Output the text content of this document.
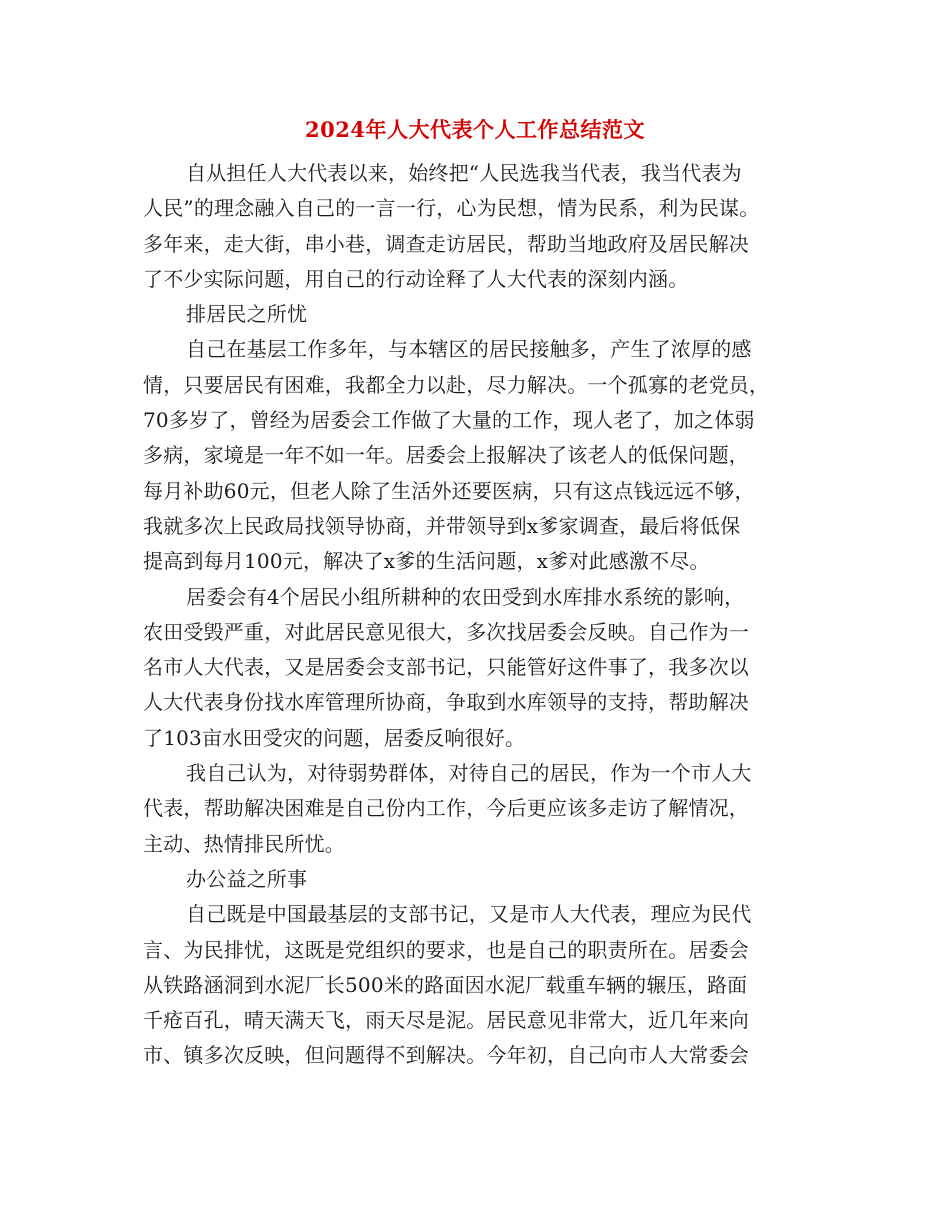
2024年人大代表个人工作总结范文
自从担任人大代表以来，始终把“人民选我当代表，我当代表为
人民”的理念融入自己的一言一行，心为民想，情为民系，利为民谋。
多年来，走大街，串小巷，调查走访居民，帮助当地政府及居民解决
了不少实际问题，用自己的行动诠释了人大代表的深刻内涵。
排居民之所忧
自己在基层工作多年，与本辖区的居民接触多，产生了浓厚的感
情，只要居民有困难，我都全力以赴，尽力解决。一个孤寡的老党员，
70多岁了，曾经为居委会工作做了大量的工作，现人老了，加之体弱
多病，家境是一年不如一年。居委会上报解决了该老人的低保问题，
每月补助60元，但老人除了生活外还要医病，只有这点钱远远不够，
我就多次上民政局找领导协商，并带领导到x爹家调查，最后将低保
提高到每月100元，解决了x爹的生活问题，x爹对此感激不尽。
居委会有4个居民小组所耕种的农田受到水库排水系统的影响，
农田受毁严重，对此居民意见很大，多次找居委会反映。自己作为一
名市人大代表，又是居委会支部书记，只能管好这件事了，我多次以
人大代表身份找水库管理所协商，争取到水库领导的支持，帮助解决
了103亩水田受灾的问题，居委反响很好。
我自己认为，对待弱势群体，对待自己的居民，作为一个市人大
代表，帮助解决困难是自己份内工作，今后更应该多走访了解情况，
主动、热情排民所忧。
办公益之所事
自己既是中国最基层的支部书记，又是市人大代表，理应为民代
言、为民排忧，这既是党组织的要求，也是自己的职责所在。居委会
从铁路涵洞到水泥厂长500米的路面因水泥厂载重车辆的辗压，路面
千疮百孔，晴天满天飞，雨天尽是泥。居民意见非常大，近几年来向
市、镇多次反映，但问题得不到解决。今年初，自己向市人大常委会
